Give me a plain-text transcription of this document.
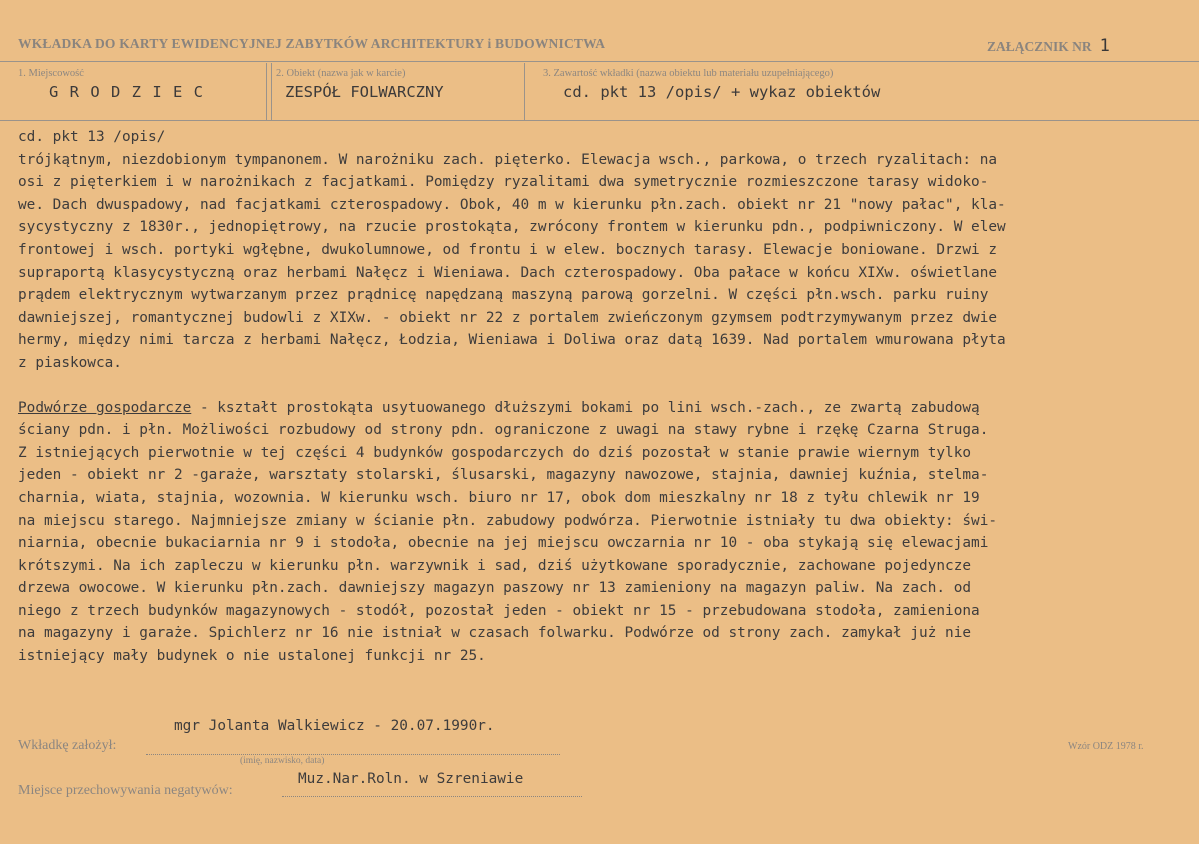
WKŁADKA DO KARTY EWIDENCYJNEJ ZABYTKÓW ARCHITEKTURY i BUDOWNICTWA	ZAŁĄCZNIK NR 1
1. Miejscowość
G R O D Z I E C
2. Obiekt (nazwa jak w karcie)
ZESPÓŁ FOLWARCZNY
3. Zawartość wkładki (nazwa obiektu lub materiału uzupełniającego)
cd. pkt 13 /opis/ + wykaz obiektów
cd. pkt 13 /opis/
trójkątnym, niezdobionym tympanonem. W narożniku zach. pięterko. Elewacja wsch., parkowa, o trzech ryzalitach: na
osi z pięterkiem i w narożnikach z facjatkami. Pomiędzy ryzalitami dwa symetrycznie rozmieszczone tarasy widoko-
we. Dach dwuspadowy, nad facjatkami czterospadowy. Obok, 40 m w kierunku płn.zach. obiekt nr 21 "nowy pałac", kla-
sycystyczny z 1830r., jednopiętrowy, na rzucie prostokąta, zwrócony frontem w kierunku pdn., podpiwniczony. W elew
frontowej i wsch. portyki wgłębne, dwukolumnowe, od frontu i w elew. bocznych tarasy. Elewacje boniowane. Drzwi z
supraportą klasycystyczną oraz herbami Nałęcz i Wieniawa. Dach czterospadowy. Oba pałace w końcu XIXw. oświetlane
prądem elektrycznym wytwarzanym przez prądnicę napędzaną maszyną parową gorzelni. W części płn.wsch. parku ruiny
dawniejszej, romantycznej budowli z XIXw. - obiekt nr 22 z portalem zwieńczonym gzymsem podtrzymywanym przez dwie
hermy, między nimi tarcza z herbami Nałęcz, Łodzia, Wieniawa i Doliwa oraz datą 1639. Nad portalem wmurowana płyta
z piaskowca.
Podwórze gospodarcze - kształt prostokąta usytuowanego dłuższymi bokami po lini wsch.-zach., ze zwartą zabudową
ściany pdn. i płn. Możliwości rozbudowy od strony pdn. ograniczone z uwagi na stawy rybne i rzękę Czarna Struga.
Z istniejących pierwotnie w tej części 4 budynków gospodarczych do dziś pozostał w stanie prawie wiernym tylko
jeden - obiekt nr 2 -garaże, warsztaty stolarski, ślusarski, magazyny nawozowe, stajnia, dawniej kuźnia, stelma-
charnia, wiata, stajnia, wozownia. W kierunku wsch. biuro nr 17, obok dom mieszkalny nr 18 z tyłu chlewik nr 19
na miejscu starego. Najmniejsze zmiany w ścianie płn. zabudowy podwórza. Pierwotnie istniały tu dwa obiekty: świ-
niarnia, obecnie bukaciarnia nr 9 i stodoła, obecnie na jej miejscu owczarnia nr 10 - oba stykają się elewacjami
krótszymi. Na ich zapleczu w kierunku płn. warzywnik i sad, dziś użytkowane sporadycznie, zachowane pojedyncze
drzewa owocowe. W kierunku płn.zach. dawniejszy magazyn paszowy nr 13 zamieniony na magazyn paliw. Na zach. od
niego z trzech budynków magazynowych - stodół, pozostał jeden - obiekt nr 15 - przebudowana stodoła, zamieniona
na magazyny i garaże. Spichlerz nr 16 nie istniał w czasach folwarku. Podwórze od strony zach. zamykał już nie
istniejący mały budynek o nie ustalonej funkcji nr 25.
mgr Jolanta Walkiewicz - 20.07.1990r.
Wkładkę założył:
(imię, nazwisko, data)
Miejsce przechowywania negatywów:
Muz.Nar.Roln. w Szreniawie
Wzór ODZ 1978 r.
